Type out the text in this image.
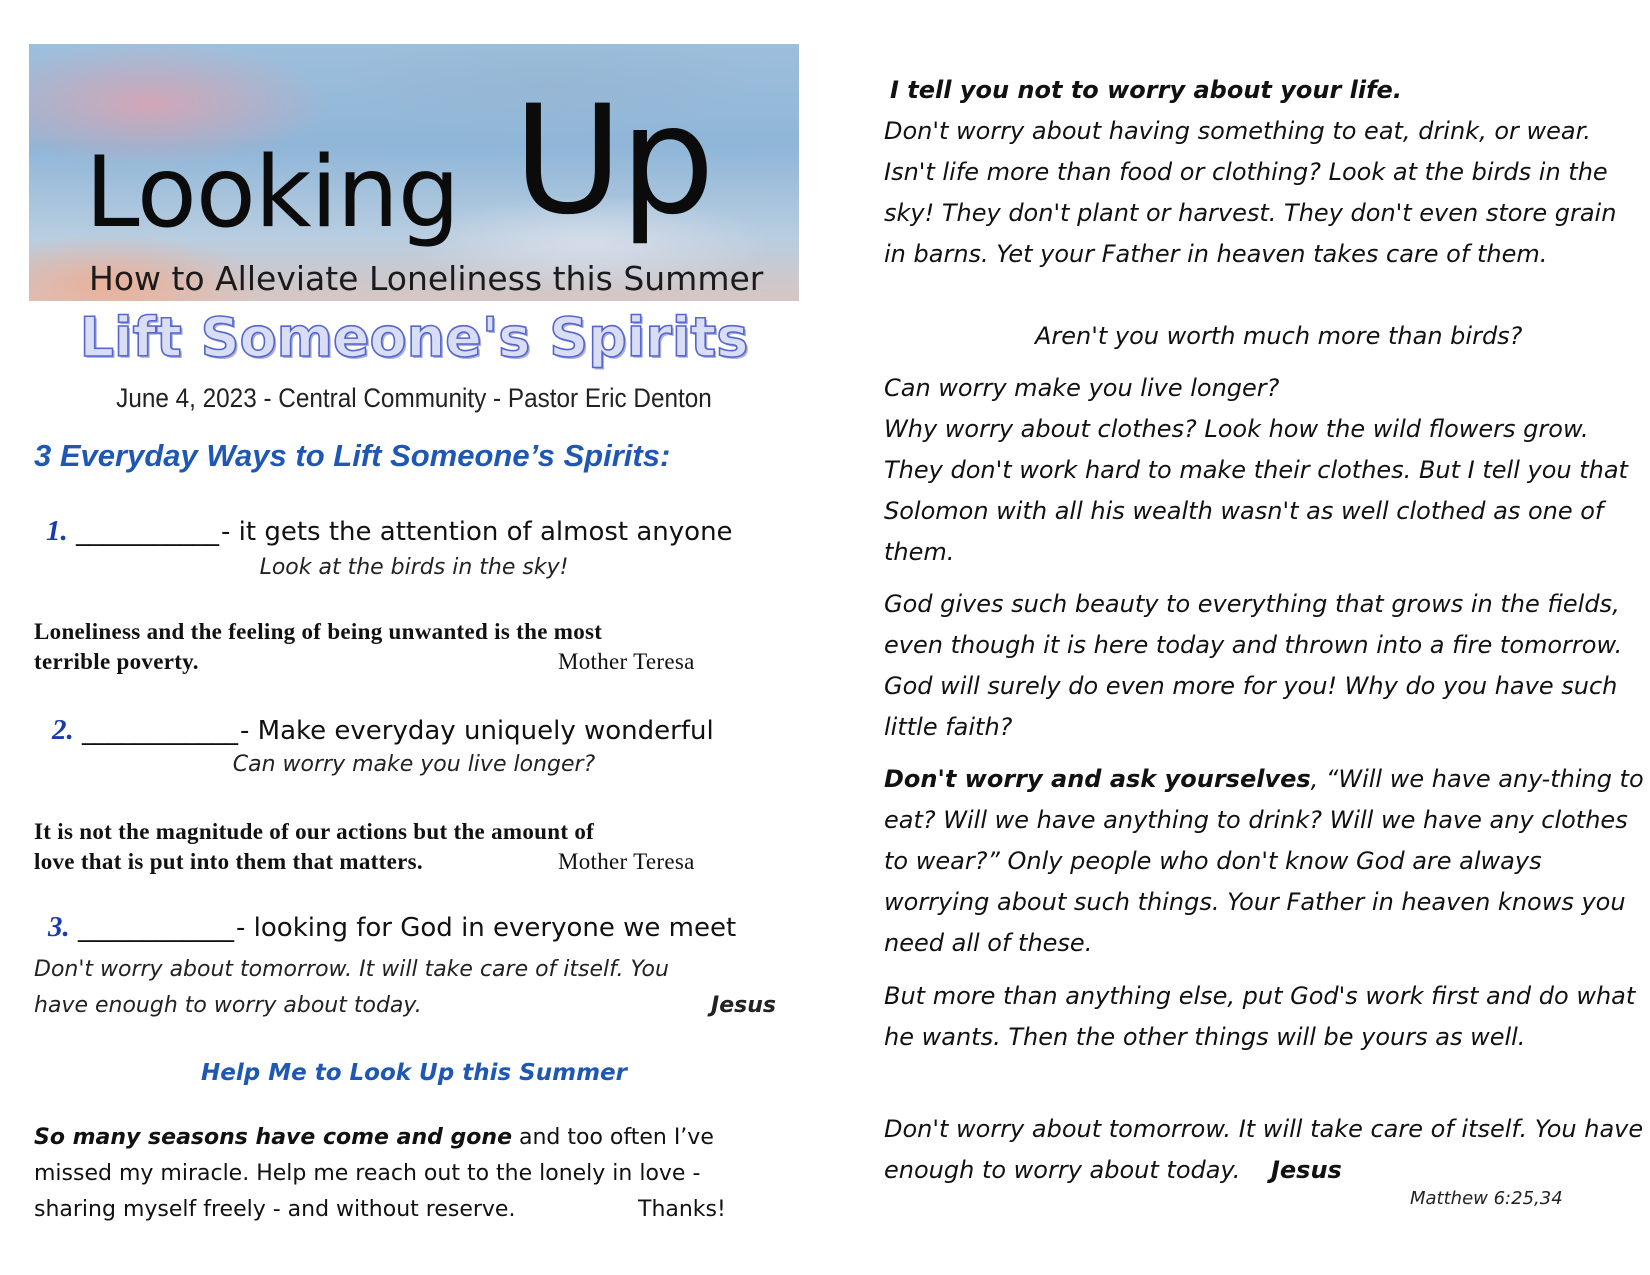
Looking Up
How to Alleviate Loneliness this Summer
Lift Someone's Spirits
June 4, 2023 - Central Community - Pastor Eric Denton
3 Everyday Ways to Lift Someone’s Spirits:
1. ___________- it gets the attention of almost anyone
Look at the birds in the sky!
Loneliness and the feeling of being unwanted is the most
terrible poverty.	Mother Teresa
2. ____________- Make everyday uniquely wonderful
Can worry make you live longer?
It is not the magnitude of our actions but the amount of
love that is put into them that matters.	Mother Teresa
3. ____________- looking for God in everyone we meet
Don't worry about tomorrow. It will take care of itself. You
have enough to worry about today.	Jesus
Help Me to Look Up this Summer
So many seasons have come and gone and too often I’ve
missed my miracle. Help me reach out to the lonely in love -
sharing myself freely - and without reserve.	Thanks!

I tell you not to worry about your life.

Don't worry about having something to eat, drink, or wear. Isn't life more than food or clothing? Look at the birds in the sky! They don't plant or harvest. They don't even store grain in barns. Yet your Father in heaven takes care of them.

Aren't you worth much more than birds?

Can worry make you live longer?

Why worry about clothes? Look how the wild flowers grow. They don't work hard to make their clothes. But I tell you that Solomon with all his wealth wasn't as well clothed as one of them.

God gives such beauty to everything that grows in the fields, even though it is here today and thrown into a fire tomorrow. God will surely do even more for you! Why do you have such little faith?

Don't worry and ask yourselves, “Will we have any-thing to eat? Will we have anything to drink? Will we have any clothes to wear?” Only people who don't know God are always worrying about such things. Your Father in heaven knows you need all of these.

But more than anything else, put God's work first and do what he wants. Then the other things will be yours as well.

Don't worry about tomorrow. It will take care of itself. You have enough to worry about today. Jesus

Matthew 6:25,34
